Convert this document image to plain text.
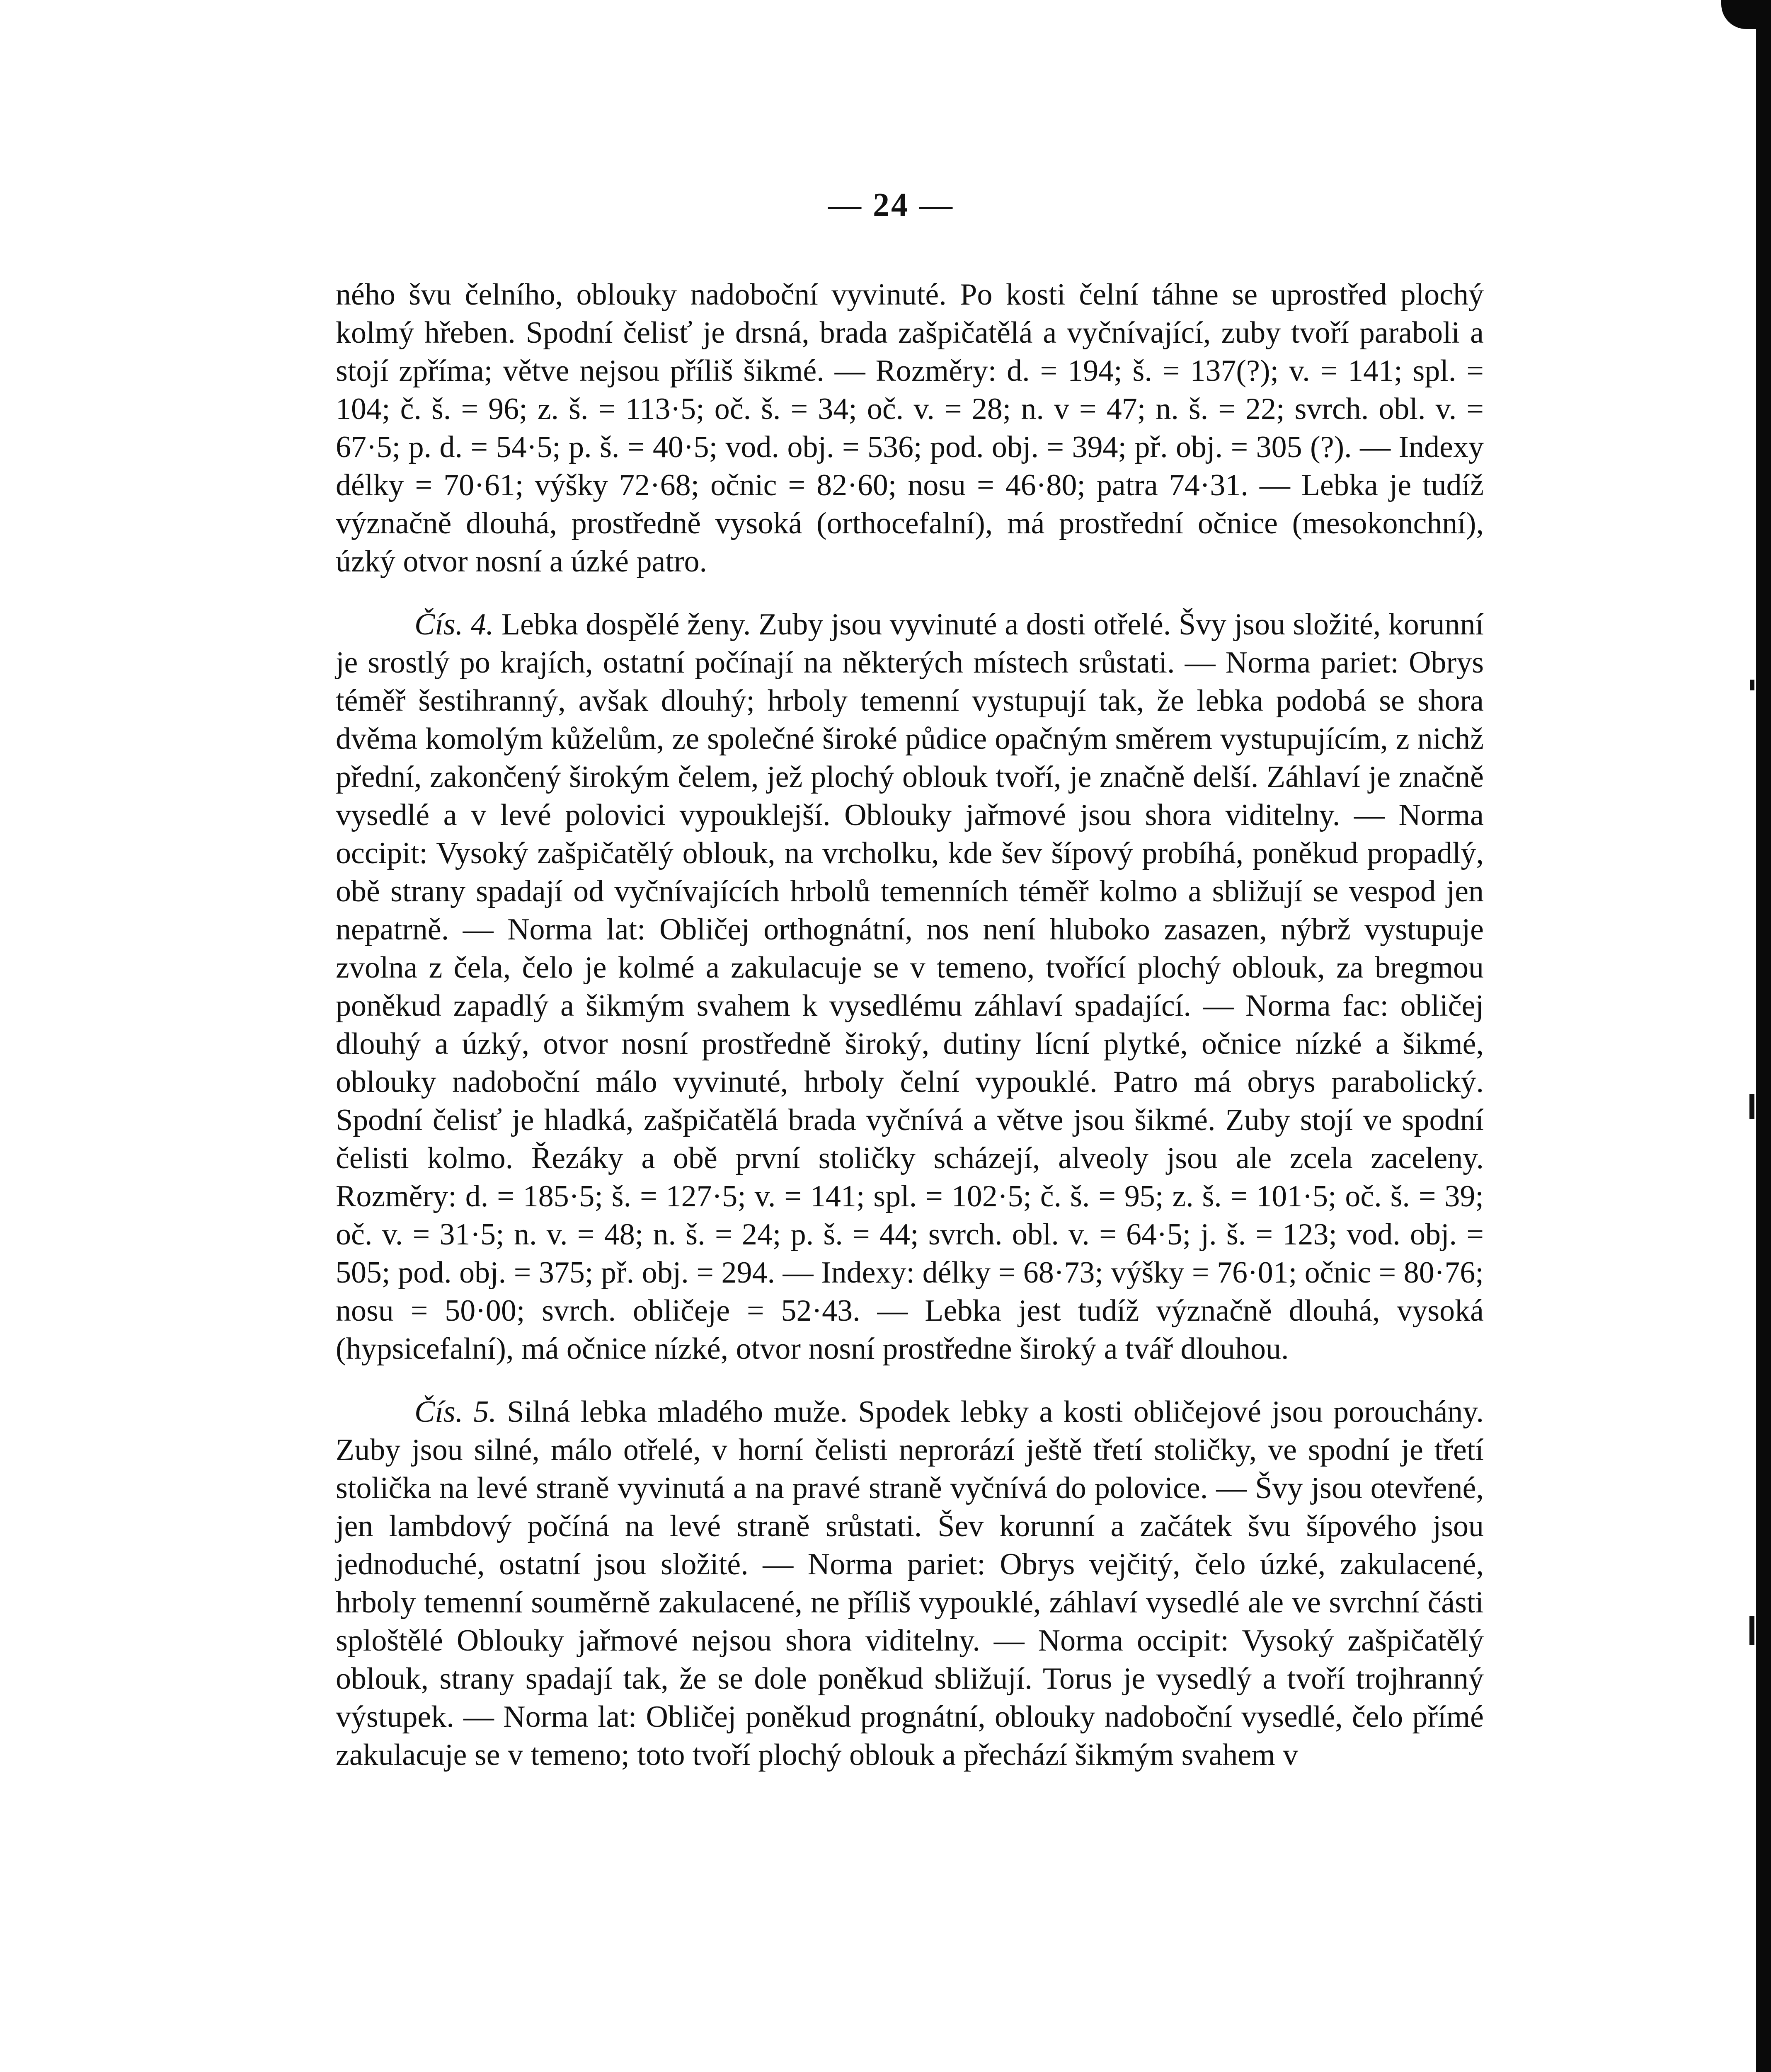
— 24 —

ného švu čelního, oblouky nadoboční vyvinuté. Po kosti čelní táhne se uprostřed plochý kolmý hřeben. Spodní čelisť je drsná, brada zašpičatělá a vyčnívající, zuby tvoří paraboli a stojí zpříma; větve nejsou příliš šikmé. — Rozměry: d. = 194; š. = 137(?); v. = 141; spl. = 104; č. š. = 96; z. š. = 113·5; oč. š. = 34; oč. v. = 28; n. v = 47; n. š. = 22; svrch. obl. v. = 67·5; p. d. = 54·5; p. š. = 40·5; vod. obj. = 536; pod. obj. = 394; př. obj. = 305 (?). — Indexy délky = 70·61; výšky 72·68; očnic = 82·60; nosu = 46·80; patra 74·31. — Lebka je tudíž význačně dlouhá, prostředně vysoká (orthocefalní), má prostřední očnice (mesokonchní), úzký otvor nosní a úzké patro.

Čís. 4. Lebka dospělé ženy. Zuby jsou vyvinuté a dosti otřelé. Švy jsou složité, korunní je srostlý po krajích, ostatní počínají na některých místech srůstati. — Norma pariet: Obrys téměř šestihranný, avšak dlouhý; hrboly temenní vystupují tak, že lebka podobá se shora dvěma komolým kůželům, ze společné široké půdice opačným směrem vystupujícím, z nichž přední, zakončený širokým čelem, jež plochý oblouk tvoří, je značně delší. Záhlaví je značně vysedlé a v levé polovici vypouklejší. Oblouky jařmové jsou shora viditelny. — Norma occipit: Vysoký zašpičatělý oblouk, na vrcholku, kde šev šípový probíhá, poněkud propadlý, obě strany spadají od vyčnívajících hrbolů temenních téměř kolmo a sbližují se vespod jen nepatrně. — Norma lat: Obličej orthognátní, nos není hluboko zasazen, nýbrž vystupuje zvolna z čela, čelo je kolmé a zakulacuje se v temeno, tvořící plochý oblouk, za bregmou poněkud zapadlý a šikmým svahem k vysedlému záhlaví spadající. — Norma fac: obličej dlouhý a úzký, otvor nosní prostředně široký, dutiny lícní plytké, očnice nízké a šikmé, oblouky nadoboční málo vyvinuté, hrboly čelní vypouklé. Patro má obrys parabolický. Spodní čelisť je hladká, zašpičatělá brada vyčnívá a větve jsou šikmé. Zuby stojí ve spodní čelisti kolmo. Řezáky a obě první stoličky scházejí, alveoly jsou ale zcela zaceleny. Rozměry: d. = 185·5; š. = 127·5; v. = 141; spl. = 102·5; č. š. = 95; z. š. = 101·5; oč. š. = 39; oč. v. = 31·5; n. v. = 48; n. š. = 24; p. š. = 44; svrch. obl. v. = 64·5; j. š. = 123; vod. obj. = 505; pod. obj. = 375; př. obj. = 294. — Indexy: délky = 68·73; výšky = 76·01; očnic = 80·76; nosu = 50·00; svrch. obličeje = 52·43. — Lebka jest tudíž význačně dlouhá, vysoká (hypsicefalní), má očnice nízké, otvor nosní prostředne široký a tvář dlouhou.

Čís. 5. Silná lebka mladého muže. Spodek lebky a kosti obličejové jsou porouchány. Zuby jsou silné, málo otřelé, v horní čelisti neprorází ještě třetí stoličky, ve spodní je třetí stolička na levé straně vyvinutá a na pravé straně vyčnívá do polovice. — Švy jsou otevřené, jen lambdový počíná na levé straně srůstati. Šev korunní a začátek švu šípového jsou jednoduché, ostatní jsou složité. — Norma pariet: Obrys vejčitý, čelo úzké, zakulacené, hrboly temenní souměrně zakulacené, ne příliš vypouklé, záhlaví vysedlé ale ve svrchní části sploštělé Oblouky jařmové nejsou shora viditelny. — Norma occipit: Vysoký zašpičatělý oblouk, strany spadají tak, že se dole poněkud sbližují. Torus je vysedlý a tvoří trojhranný výstupek. — Norma lat: Obličej poněkud prognátní, oblouky nadoboční vysedlé, čelo přímé zakulacuje se v temeno; toto tvoří plochý oblouk a přechází šikmým svahem v
